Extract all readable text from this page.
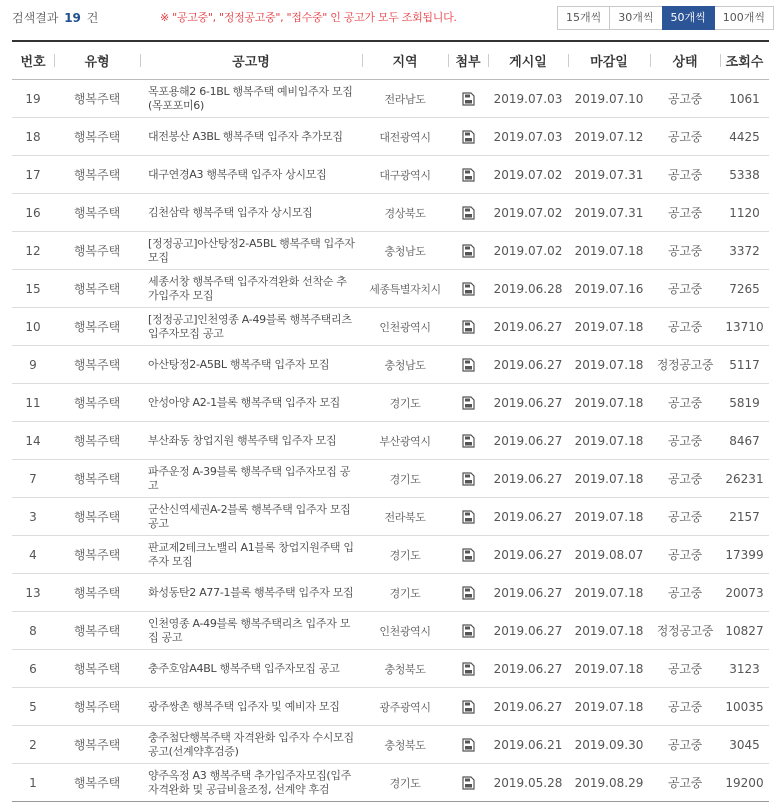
검색결과 19 건	※ "공고중", "정정공고중", "접수중" 인 공고가 모두 조회됩니다.	15개씩	30개씩	50개씩	100개씩
번호	유형	공고명	지역	첨부	게시일	마감일	상태	조회수
19	행복주택	목포용해2 6-1BL 행복주택 예비입주자 모집(목포포미6)	전라남도		2019.07.03	2019.07.10	공고중	1061
18	행복주택	대전봉산 A3BL 행복주택 입주자 추가모집	대전광역시		2019.07.03	2019.07.12	공고중	4425
17	행복주택	대구연경A3 행복주택 입주자 상시모집	대구광역시		2019.07.02	2019.07.31	공고중	5338
16	행복주택	김천삼락 행복주택 입주자 상시모집	경상북도		2019.07.02	2019.07.31	공고중	1120
12	행복주택	[정정공고]아산탕정2-A5BL 행복주택 입주자 모집	충청남도		2019.07.02	2019.07.18	공고중	3372
15	행복주택	세종서창 행복주택 입주자격완화 선착순 추가입주자 모집	세종특별자치시		2019.06.28	2019.07.16	공고중	7265
10	행복주택	[정정공고]인천영종 A-49블록 행복주택리츠 입주자모집 공고	인천광역시		2019.06.27	2019.07.18	공고중	13710
9	행복주택	아산탕정2-A5BL 행복주택 입주자 모집	충청남도		2019.06.27	2019.07.18	정정공고중	5117
11	행복주택	안성아양 A2-1블록 행복주택 입주자 모집	경기도		2019.06.27	2019.07.18	공고중	5819
14	행복주택	부산좌동 창업지원 행복주택 입주자 모집	부산광역시		2019.06.27	2019.07.18	공고중	8467
7	행복주택	파주운정 A-39블록 행복주택 입주자모집 공고	경기도		2019.06.27	2019.07.18	공고중	26231
3	행복주택	군산신역세권A-2블록 행복주택 입주자 모집공고	전라북도		2019.06.27	2019.07.18	공고중	2157
4	행복주택	판교제2테크노밸리 A1블록 창업지원주택 입주자 모집	경기도		2019.06.27	2019.08.07	공고중	17399
13	행복주택	화성동탄2 A77-1블록 행복주택 입주자 모집	경기도		2019.06.27	2019.07.18	공고중	20073
8	행복주택	인천영종 A-49블록 행복주택리츠 입주자 모집 공고	인천광역시		2019.06.27	2019.07.18	정정공고중	10827
6	행복주택	충주호암A4BL 행복주택 입주자모집 공고	충청북도		2019.06.27	2019.07.18	공고중	3123
5	행복주택	광주쌍촌 행복주택 입주자 및 예비자 모집	광주광역시		2019.06.27	2019.07.18	공고중	10035
2	행복주택	충주첨단행복주택 자격완화 입주자 수시모집공고(선계약후검증)	충청북도		2019.06.21	2019.09.30	공고중	3045
1	행복주택	양주옥정 A3 행복주택 추가입주자모집(입주자격완화 및 공급비율조정, 선계약 후검	경기도		2019.05.28	2019.08.29	공고중	19200
